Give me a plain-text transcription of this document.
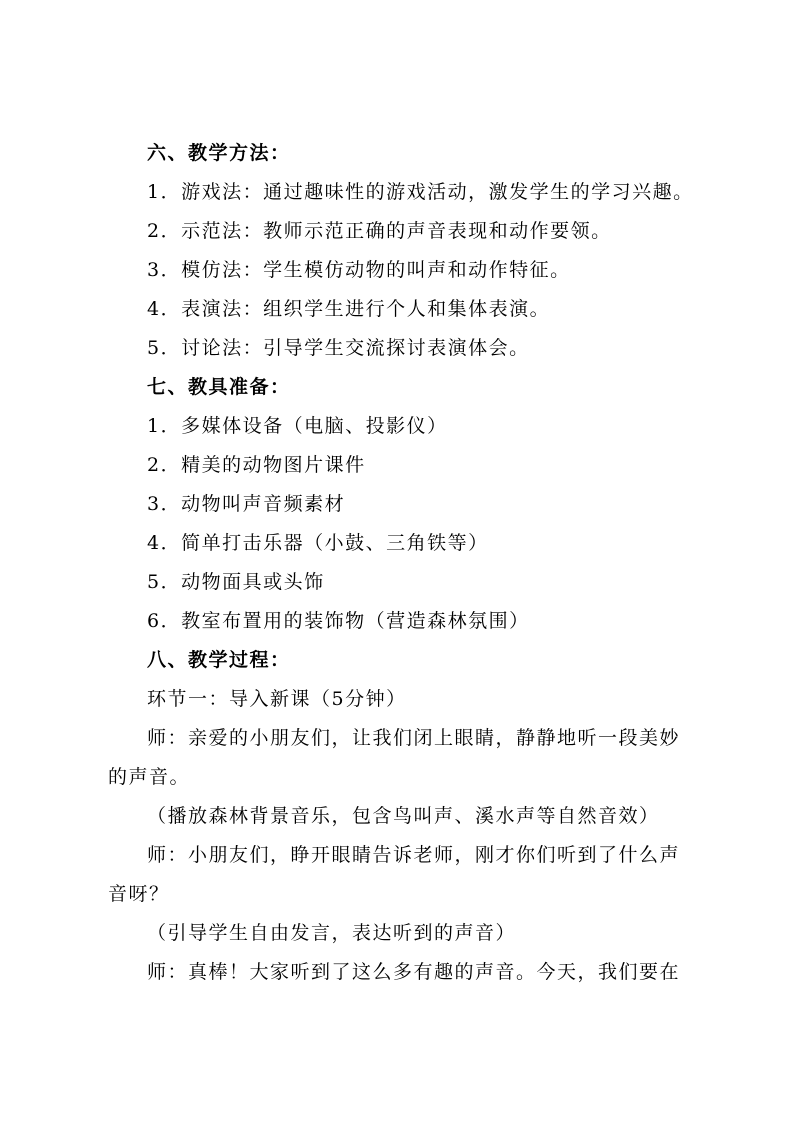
六、教学方法：
1．游戏法：通过趣味性的游戏活动，激发学生的学习兴趣。
2．示范法：教师示范正确的声音表现和动作要领。
3．模仿法：学生模仿动物的叫声和动作特征。
4．表演法：组织学生进行个人和集体表演。
5．讨论法：引导学生交流探讨表演体会。
七、教具准备：
1．多媒体设备（电脑、投影仪）
2．精美的动物图片课件
3．动物叫声音频素材
4．简单打击乐器（小鼓、三角铁等）
5．动物面具或头饰
6．教室布置用的装饰物（营造森林氛围）
八、教学过程：
环节一：导入新课（5分钟）
师：亲爱的小朋友们，让我们闭上眼睛，静静地听一段美妙
的声音。
（播放森林背景音乐，包含鸟叫声、溪水声等自然音效）
师：小朋友们，睁开眼睛告诉老师，刚才你们听到了什么声
音呀？
（引导学生自由发言，表达听到的声音）
师：真棒！大家听到了这么多有趣的声音。今天，我们要在
